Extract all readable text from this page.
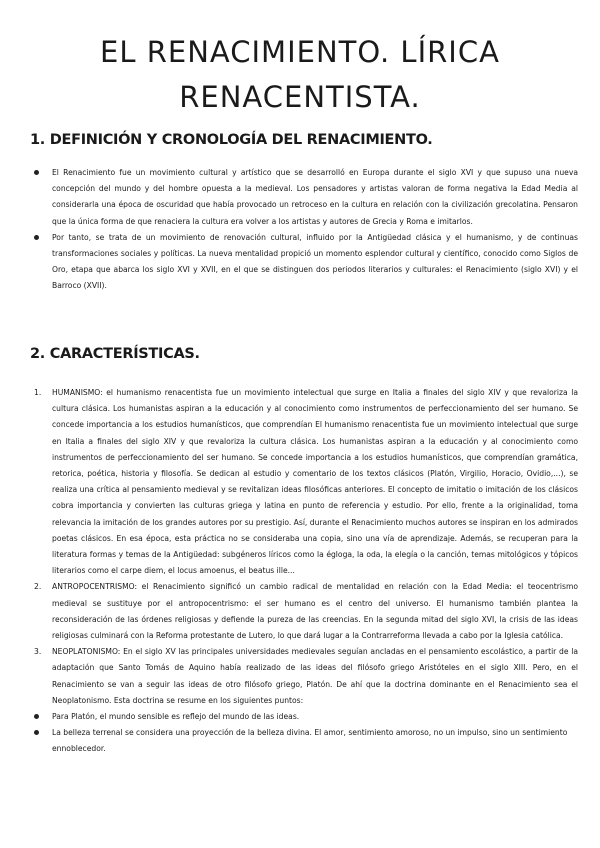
EL RENACIMIENTO. LÍRICA RENACENTISTA.
1. DEFINICIÓN Y CRONOLOGÍA DEL RENACIMIENTO.
El Renacimiento fue un movimiento cultural y artístico que se desarrolló en Europa durante el siglo XVI y que supuso una nueva concepción del mundo y del hombre opuesta a la medieval. Los pensadores y artistas valoran de forma negativa la Edad Media al considerarla una época de oscuridad que había provocado un retroceso en la cultura en relación con la civilización grecolatina. Pensaron que la única forma de que renaciera la cultura era volver a los artistas y autores de Grecia y Roma e imitarlos.
Por tanto, se trata de un movimiento de renovación cultural, influido por la Antigüedad clásica y el humanismo, y de continuas transformaciones sociales y políticas. La nueva mentalidad propició un momento esplendor cultural y científico, conocido como Siglos de Oro, etapa que abarca los siglo XVI y XVII, en el que se distinguen dos periodos literarios y culturales: el Renacimiento (siglo XVI) y el Barroco (XVII).
2. CARACTERÍSTICAS.
1. HUMANISMO: el humanismo renacentista fue un movimiento intelectual que surge en Italia a finales del siglo XIV y que revaloriza la cultura clásica. Los humanistas aspiran a la educación y al conocimiento como instrumentos de perfeccionamiento del ser humano. Se concede importancia a los estudios humanísticos, que comprendían El humanismo renacentista fue un movimiento intelectual que surge en Italia a finales del siglo XIV y que revaloriza la cultura clásica. Los humanistas aspiran a la educación y al conocimiento como instrumentos de perfeccionamiento del ser humano. Se concede importancia a los estudios humanísticos, que comprendían gramática, retorica, poética, historia y filosofía. Se dedican al estudio y comentario de los textos clásicos (Platón, Virgilio, Horacio, Ovidio,...), se realiza una crítica al pensamiento medieval y se revitalizan ideas filosóficas anteriores. El concepto de imitatio o imitación de los clásicos cobra importancia y convierten las culturas griega y latina en punto de referencia y estudio. Por ello, frente a la originalidad, toma relevancia la imitación de los grandes autores por su prestigio. Así, durante el Renacimiento muchos autores se inspiran en los admirados poetas clásicos. En esa época, esta práctica no se consideraba una copia, sino una vía de aprendizaje. Además, se recuperan para la literatura formas y temas de la Antigüedad: subgéneros líricos como la égloga, la oda, la elegía o la canción, temas mitológicos y tópicos literarios como el carpe diem, el locus amoenus, el beatus ille...
2. ANTROPOCENTRISMO: el Renacimiento significó un cambio radical de mentalidad en relación con la Edad Media: el teocentrismo medieval se sustituye por el antropocentrismo: el ser humano es el centro del universo. El humanismo también plantea la reconsideración de las órdenes religiosas y defiende la pureza de las creencias. En la segunda mitad del siglo XVI, la crisis de las ideas religiosas culminará con la Reforma protestante de Lutero, lo que dará lugar a la Contrarreforma llevada a cabo por la Iglesia católica.
3. NEOPLATONISMO: En el siglo XV las principales universidades medievales seguían ancladas en el pensamiento escolástico, a partir de la adaptación que Santo Tomás de Aquino había realizado de las ideas del filósofo griego Aristóteles en el siglo XIII. Pero, en el Renacimiento se van a seguir las ideas de otro filósofo griego, Platón. De ahí que la doctrina dominante en el Renacimiento sea el Neoplatonismo. Esta doctrina se resume en los siguientes puntos:
Para Platón, el mundo sensible es reflejo del mundo de las ideas.
La belleza terrenal se considera una proyección de la belleza divina. El amor, sentimiento amoroso, no un impulso, sino un sentimiento ennoblecedor.
